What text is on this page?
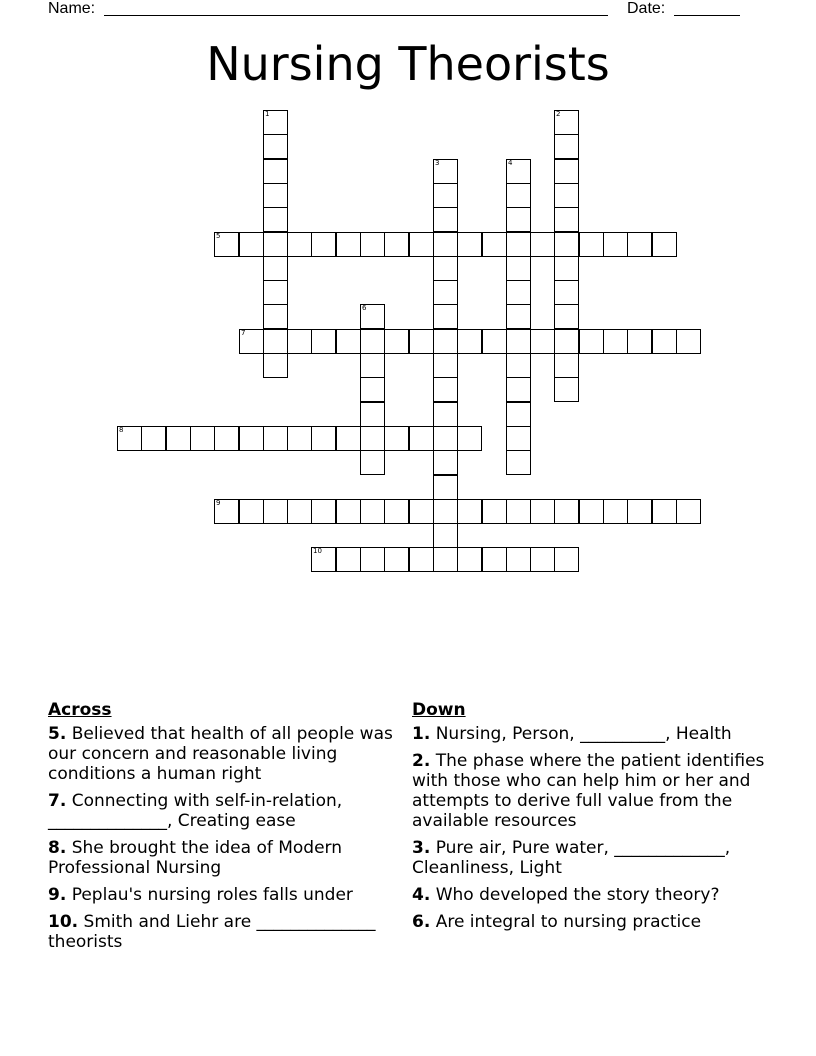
Name:	Date:
Nursing Theorists
1	2
3	4
5
6
7
8
9
10
Across
5. Believed that health of all people was our concern and reasonable living conditions a human right
7. Connecting with self-in-relation, ______________, Creating ease
8. She brought the idea of Modern Professional Nursing
9. Peplau's nursing roles falls under
10. Smith and Liehr are ______________ theorists
Down
1. Nursing, Person, __________, Health
2. The phase where the patient identifies with those who can help him or her and attempts to derive full value from the available resources
3. Pure air, Pure water, _____________, Cleanliness, Light
4. Who developed the story theory?
6. Are integral to nursing practice
